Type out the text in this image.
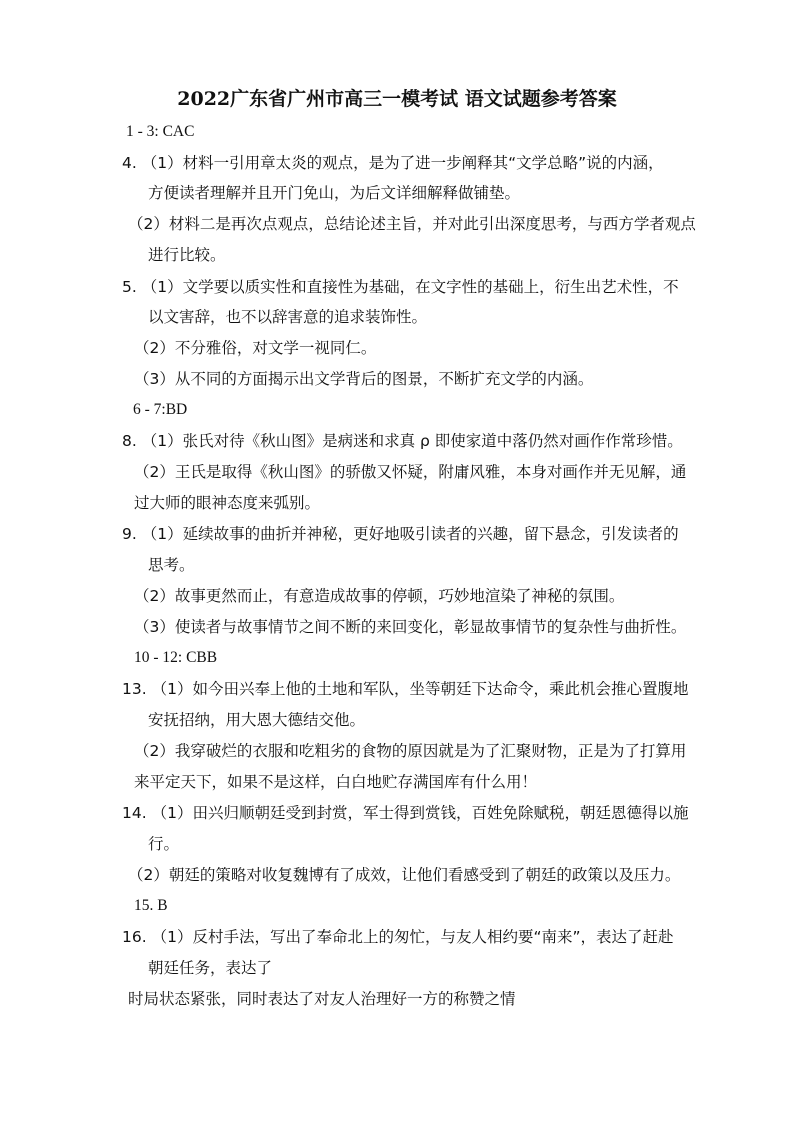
2022广东省广州市高三一模考试 语文试题参考答案
1 - 3: CAC
4. （1）材料一引用章太炎的观点，是为了进一步阐释其“文学总略”说的内涵，
方便读者理解并且开门免山，为后文详细解释做铺垫。
（2）材料二是再次点观点，总结论述主旨，并对此引出深度思考，与西方学者观点
进行比较。
5. （1）文学要以质实性和直接性为基础，在文字性的基础上，衍生出艺术性，不
以文害辞，也不以辞害意的追求装饰性。
（2）不分雅俗，对文学一视同仁。
（3）从不同的方面揭示出文学背后的图景，不断扩充文学的内涵。
6 - 7:BD
8. （1）张氏对待《秋山图》是病迷和求真 ρ 即使家道中落仍然对画作作常珍惜。
（2）王氏是取得《秋山图》的骄傲又怀疑，附庸风雅，本身对画作并无见解，通
过大师的眼神态度来弧别。
9. （1）延续故事的曲折并神秘，更好地吸引读者的兴趣，留下悬念，引发读者的
思考。
（2）故事更然而止，有意造成故事的停顿，巧妙地渲染了神秘的氛围。
（3）使读者与故事情节之间不断的来回变化，彰显故事情节的复杂性与曲折性。
10 - 12: CBB
13. （1）如今田兴奉上他的土地和军队，坐等朝廷下达命令，乘此机会推心置腹地
安抚招纳，用大恩大德结交他。
（2）我穿破烂的衣服和吃粗劣的食物的原因就是为了汇聚财物，正是为了打算用
来平定天下，如果不是这样，白白地贮存满国库有什么用！
14. （1）田兴归顺朝廷受到封赏，军士得到赏钱，百姓免除赋税，朝廷恩德得以施
行。
（2）朝廷的策略对收复魏博有了成效，让他们看感受到了朝廷的政策以及压力。
15. B
16. （1）反村手法，写出了奉命北上的匆忙，与友人相约要“南来”，表达了赶赴
朝廷任务，表达了
时局状态紧张，同时表达了对友人治理好一方的称赞之情
